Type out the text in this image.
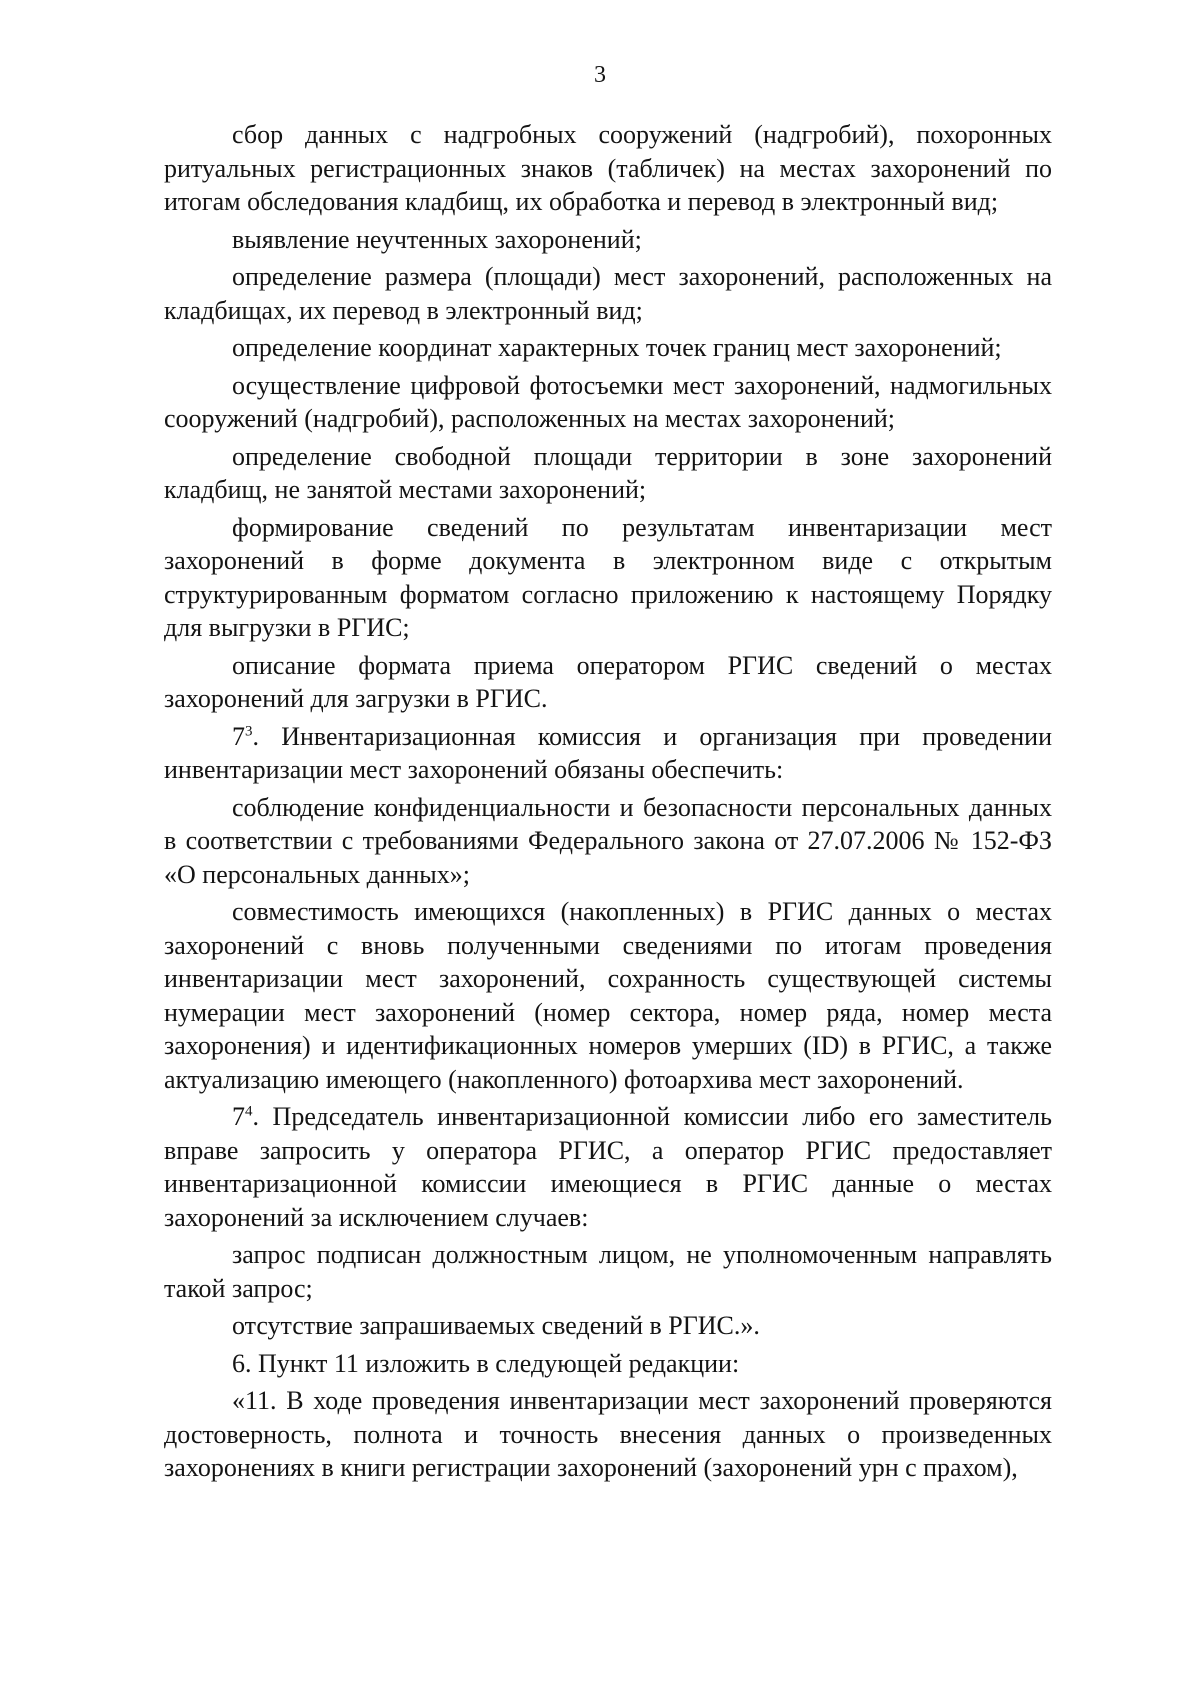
3

сбор данных с надгробных сооружений (надгробий), похоронных ритуальных регистрационных знаков (табличек) на местах захоронений по итогам обследования кладбищ, их обработка и перевод в электронный вид;

выявление неучтенных захоронений;

определение размера (площади) мест захоронений, расположенных на кладбищах, их перевод в электронный вид;

определение координат характерных точек границ мест захоронений;

осуществление цифровой фотосъемки мест захоронений, надмогильных сооружений (надгробий), расположенных на местах захоронений;

определение свободной площади территории в зоне захоронений кладбищ, не занятой местами захоронений;

формирование сведений по результатам инвентаризации мест захоронений в форме документа в электронном виде с открытым структурированным форматом согласно приложению к настоящему Порядку для выгрузки в РГИС;

описание формата приема оператором РГИС сведений о местах захоронений для загрузки в РГИС.

$7^3$. Инвентаризационная комиссия и организация при проведении инвентаризации мест захоронений обязаны обеспечить:

соблюдение конфиденциальности и безопасности персональных данных в соответствии с требованиями Федерального закона от 27.07.2006 № 152-ФЗ «О персональных данных»;

совместимость имеющихся (накопленных) в РГИС данных о местах захоронений с вновь полученными сведениями по итогам проведения инвентаризации мест захоронений, сохранность существующей системы нумерации мест захоронений (номер сектора, номер ряда, номер места захоронения) и идентификационных номеров умерших (ID) в РГИС, а также актуализацию имеющего (накопленного) фотоархива мест захоронений.

$7^4$. Председатель инвентаризационной комиссии либо его заместитель вправе запросить у оператора РГИС, а оператор РГИС предоставляет инвентаризационной комиссии имеющиеся в РГИС данные о местах захоронений за исключением случаев:

запрос подписан должностным лицом, не уполномоченным направлять такой запрос;

отсутствие запрашиваемых сведений в РГИС.».

6. Пункт 11 изложить в следующей редакции:

«11. В ходе проведения инвентаризации мест захоронений проверяются достоверность, полнота и точность внесения данных о произведенных захоронениях в книги регистрации захоронений (захоронений урн с прахом),
